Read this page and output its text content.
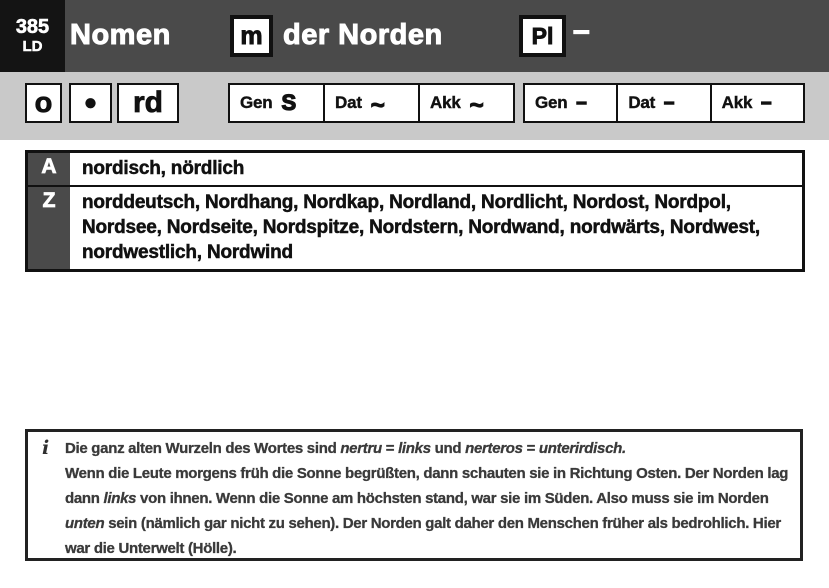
385
LD Nomen	m der Norden	Pl –
o	●	rd	Gen S Dat ~	Akk ~	Gen – Dat –	Akk –
A	nordisch, nördlich
Z	norddeutsch, Nordhang, Nordkap, Nordland, Nordlicht, Nordost, Nordpol, Nordsee, Nordseite, Nordspitze, Nordstern, Nordwand, nordwärts, Nordwest, nordwestlich, Nordwind
i Die ganz alten Wurzeln des Wortes sind nertru = links und nerteros = unterirdisch.
Wenn die Leute morgens früh die Sonne begrüßten, dann schauten sie in Richtung Osten. Der Norden lag
dann links von ihnen. Wenn die Sonne am höchsten stand, war sie im Süden. Also muss sie im Norden
unten sein (nämlich gar nicht zu sehen). Der Norden galt daher den Menschen früher als bedrohlich. Hier
war die Unterwelt (Hölle).
